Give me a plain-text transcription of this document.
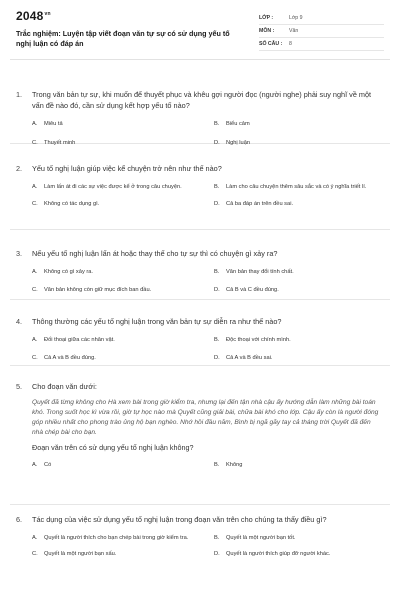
$2048^{vn}$
Trắc nghiệm: Luyện tập viết đoạn văn tự sự có sử dụng yếu tố nghị luận có đáp án
LỚP :	Lớp 9
MÔN :	Văn
SỐ CÂU :	8
1.	Trong văn bản tự sự, khi muốn để thuyết phục và khêu gợi người đọc (người nghe) phải suy nghĩ về một vấn đề nào đó, cần sử dụng kết hợp yếu tố nào?
A.	Miêu tả	B.	Biểu cảm
C.	Thuyết minh	D.	Nghị luận
2.	Yếu tố nghị luận giúp việc kể chuyện trở nên như thế nào?
A.	Làm lấn át đi các sự việc được kể ở trong câu chuyện.	B.	Làm cho câu chuyện thêm sâu sắc và có ý nghĩa triết lí.
C.	Không có tác dụng gì.	D.	Cả ba đáp án trên đều sai.
3.	Nếu yếu tố nghị luận lấn át hoặc thay thế cho tự sự thì có chuyện gì xảy ra?
A.	Không có gì xảy ra.	B.	Văn bản thay đổi tính chất.
C.	Văn bản không còn giữ mục đích ban đầu.	D.	Cả B và C đều đúng.
4.	Thông thường các yếu tố nghị luận trong văn bản tự sự diễn ra như thế nào?
A.	Đối thoại giữa các nhân vật.	B.	Độc thoại với chính mình.
C.	Cả A và B đều đúng.	D.	Cả A và B đều sai.
5.	Cho đoạn văn dưới:
Quyết đã từng không cho Hà xem bài trong giờ kiểm tra, nhưng lại đến tận nhà cậu ấy hướng dẫn làm những bài toán khó. Trong suốt học kì vừa rồi, giờ tự học nào mà Quyết cũng giải bài, chữa bài khó cho lớp. Cậu ấy còn là người đóng góp nhiều nhất cho phong trào ủng hộ bạn nghèo. Nhớ hồi đầu năm, Bình bị ngã gãy tay cả tháng trời Quyết đã đến nhà chép bài cho bạn.
Đoạn văn trên có sử dụng yếu tố nghị luận không?
A.	Có	B.	Không
6.	Tác dụng của việc sử dụng yếu tố nghị luận trong đoạn văn trên cho chúng ta thấy điều gì?
A.	Quyết là người thích cho bạn chép bài trong giờ kiểm tra.	B.	Quyết là một người bạn tốt.
C.	Quyết là một người bạn xấu.	D.	Quyết là người thích giúp đỡ người khác.
